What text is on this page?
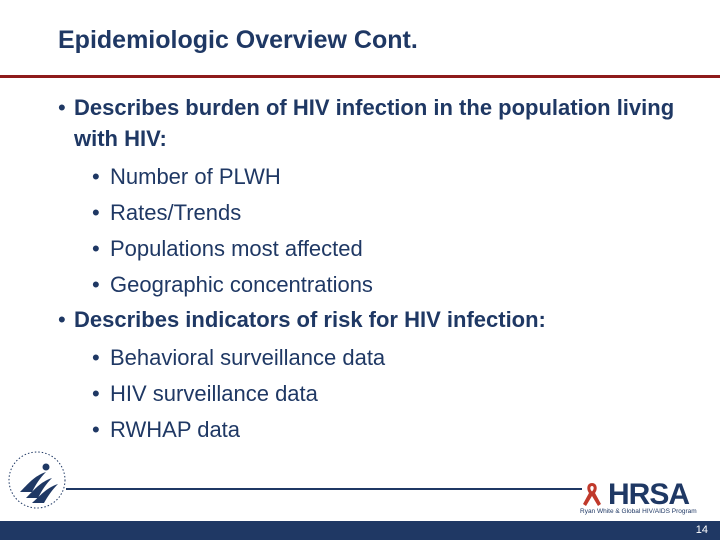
Epidemiologic Overview Cont.
• Describes burden of HIV infection in the population living with HIV:
• Number of PLWH
• Rates/Trends
• Populations most affected
• Geographic concentrations
• Describes indicators of risk for HIV infection:
• Behavioral surveillance data
• HIV surveillance data
• RWHAP data
HRSA
Ryan White & Global HIV/AIDS Program
14
